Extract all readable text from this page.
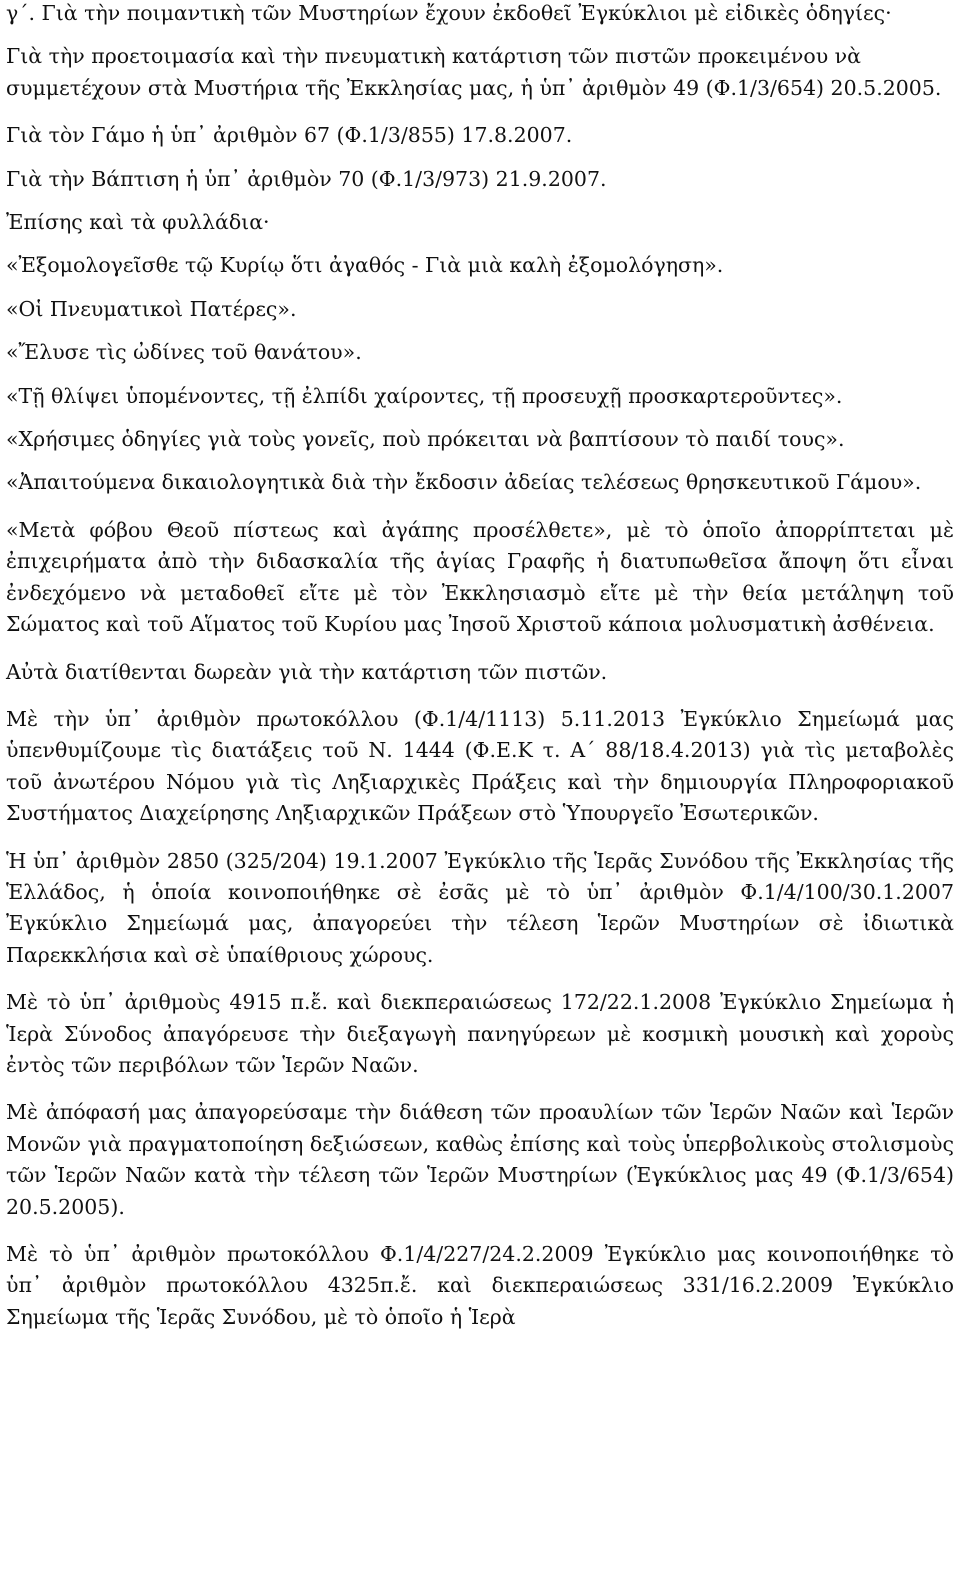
γ΄. Γιὰ τὴν ποιμαντικὴ τῶν Μυστηρίων ἔχουν ἐκδοθεῖ Ἐγκύκλιοι μὲ εἰδικὲς ὁδηγίες·

Γιὰ τὴν προετοιμασία καὶ τὴν πνευματικὴ κατάρτιση τῶν πιστῶν προκειμένου νὰ συμμετέχουν στὰ Μυστήρια τῆς Ἐκκλησίας μας, ἡ ὑπ᾽ ἀριθμὸν 49 (Φ.1/3/654) 20.5.2005.

Γιὰ τὸν Γάμο ἡ ὑπ᾽ ἀριθμὸν 67 (Φ.1/3/855) 17.8.2007.

Γιὰ τὴν Βάπτιση ἡ ὑπ᾽ ἀριθμὸν 70 (Φ.1/3/973) 21.9.2007.

Ἐπίσης καὶ τὰ φυλλάδια·

«Ἐξομολογεῖσθε τῷ Κυρίῳ ὅτι ἀγαθός - Γιὰ μιὰ καλὴ ἐξομολόγηση».

«Οἱ Πνευματικοὶ Πατέρες».

«Ἔλυσε τὶς ὠδίνες τοῦ θανάτου».

«Τῇ θλίψει ὑπομένοντες, τῇ ἐλπίδι χαίροντες, τῇ προσευχῇ προσκαρτεροῦντες».

«Χρήσιμες ὁδηγίες γιὰ τοὺς γονεῖς, ποὺ πρόκειται νὰ βαπτίσουν τὸ παιδί τους».

«Ἀπαιτούμενα δικαιολογητικὰ διὰ τὴν ἔκδοσιν ἀδείας τελέσεως θρησκευτικοῦ Γάμου».

«Μετὰ φόβου Θεοῦ πίστεως καὶ ἀγάπης προσέλθετε», μὲ τὸ ὁποῖο ἀπορρίπτεται μὲ ἐπιχειρήματα ἀπὸ τὴν διδασκαλία τῆς ἁγίας Γραφῆς ἡ διατυπωθεῖσα ἄποψη ὅτι εἶναι ἐνδεχόμενο νὰ μεταδοθεῖ εἴτε μὲ τὸν Ἐκκλησιασμὸ εἴτε μὲ τὴν θεία μετάληψη τοῦ Σώματος καὶ τοῦ Αἵματος τοῦ Κυρίου μας Ἰησοῦ Χριστοῦ κάποια μολυσματικὴ ἀσθένεια.

Αὐτὰ διατίθενται δωρεὰν γιὰ τὴν κατάρτιση τῶν πιστῶν.

Μὲ τὴν ὑπ᾽ ἀριθμὸν πρωτοκόλλου (Φ.1/4/1113) 5.11.2013 Ἐγκύκλιο Σημείωμά μας ὑπενθυμίζουμε τὶς διατάξεις τοῦ Ν. 1444 (Φ.Ε.Κ τ. Α΄ 88/18.4.2013) γιὰ τὶς μεταβολὲς τοῦ ἀνωτέρου Νόμου γιὰ τὶς Ληξιαρχικὲς Πράξεις καὶ τὴν δημιουργία Πληροφοριακοῦ Συστήματος Διαχείρησης Ληξιαρχικῶν Πράξεων στὸ Ὑπουργεῖο Ἐσωτερικῶν.

Ἡ ὑπ᾽ ἀριθμὸν 2850 (325/204) 19.1.2007 Ἐγκύκλιο τῆς Ἱερᾶς Συνόδου τῆς Ἐκκλησίας τῆς Ἑλλάδος, ἡ ὁποία κοινοποιήθηκε σὲ ἐσᾶς μὲ τὸ ὑπ᾽ ἀριθμὸν Φ.1/4/100/30.1.2007 Ἐγκύκλιο Σημείωμά μας, ἀπαγορεύει τὴν τέλεση Ἱερῶν Μυστηρίων σὲ ἰδιωτικὰ Παρεκκλήσια καὶ σὲ ὑπαίθριους χώρους.

Μὲ τὸ ὑπ᾽ ἀριθμοὺς 4915 π.ἔ. καὶ διεκπεραιώσεως 172/22.1.2008 Ἐγκύκλιο Σημείωμα ἡ Ἱερὰ Σύνοδος ἀπαγόρευσε τὴν διεξαγωγὴ πανηγύρεων μὲ κοσμικὴ μουσικὴ καὶ χοροὺς ἐντὸς τῶν περιβόλων τῶν Ἱερῶν Ναῶν.

Μὲ ἀπόφασή μας ἀπαγορεύσαμε τὴν διάθεση τῶν προαυλίων τῶν Ἱερῶν Ναῶν καὶ Ἱερῶν Μονῶν γιὰ πραγματοποίηση δεξιώσεων, καθὼς ἐπίσης καὶ τοὺς ὑπερβολικοὺς στολισμοὺς τῶν Ἱερῶν Ναῶν κατὰ τὴν τέλεση τῶν Ἱερῶν Μυστηρίων (Ἐγκύκλιος μας 49 (Φ.1/3/654) 20.5.2005).

Μὲ τὸ ὑπ᾽ ἀριθμὸν πρωτοκόλλου Φ.1/4/227/24.2.2009 Ἐγκύκλιο μας κοινοποιήθηκε τὸ ὑπ᾽ ἀριθμὸν πρωτοκόλλου 4325π.ἔ. καὶ διεκπεραιώσεως 331/16.2.2009 Ἐγκύκλιο Σημείωμα τῆς Ἱερᾶς Συνόδου, μὲ τὸ ὁποῖο ἡ Ἱερὰ
